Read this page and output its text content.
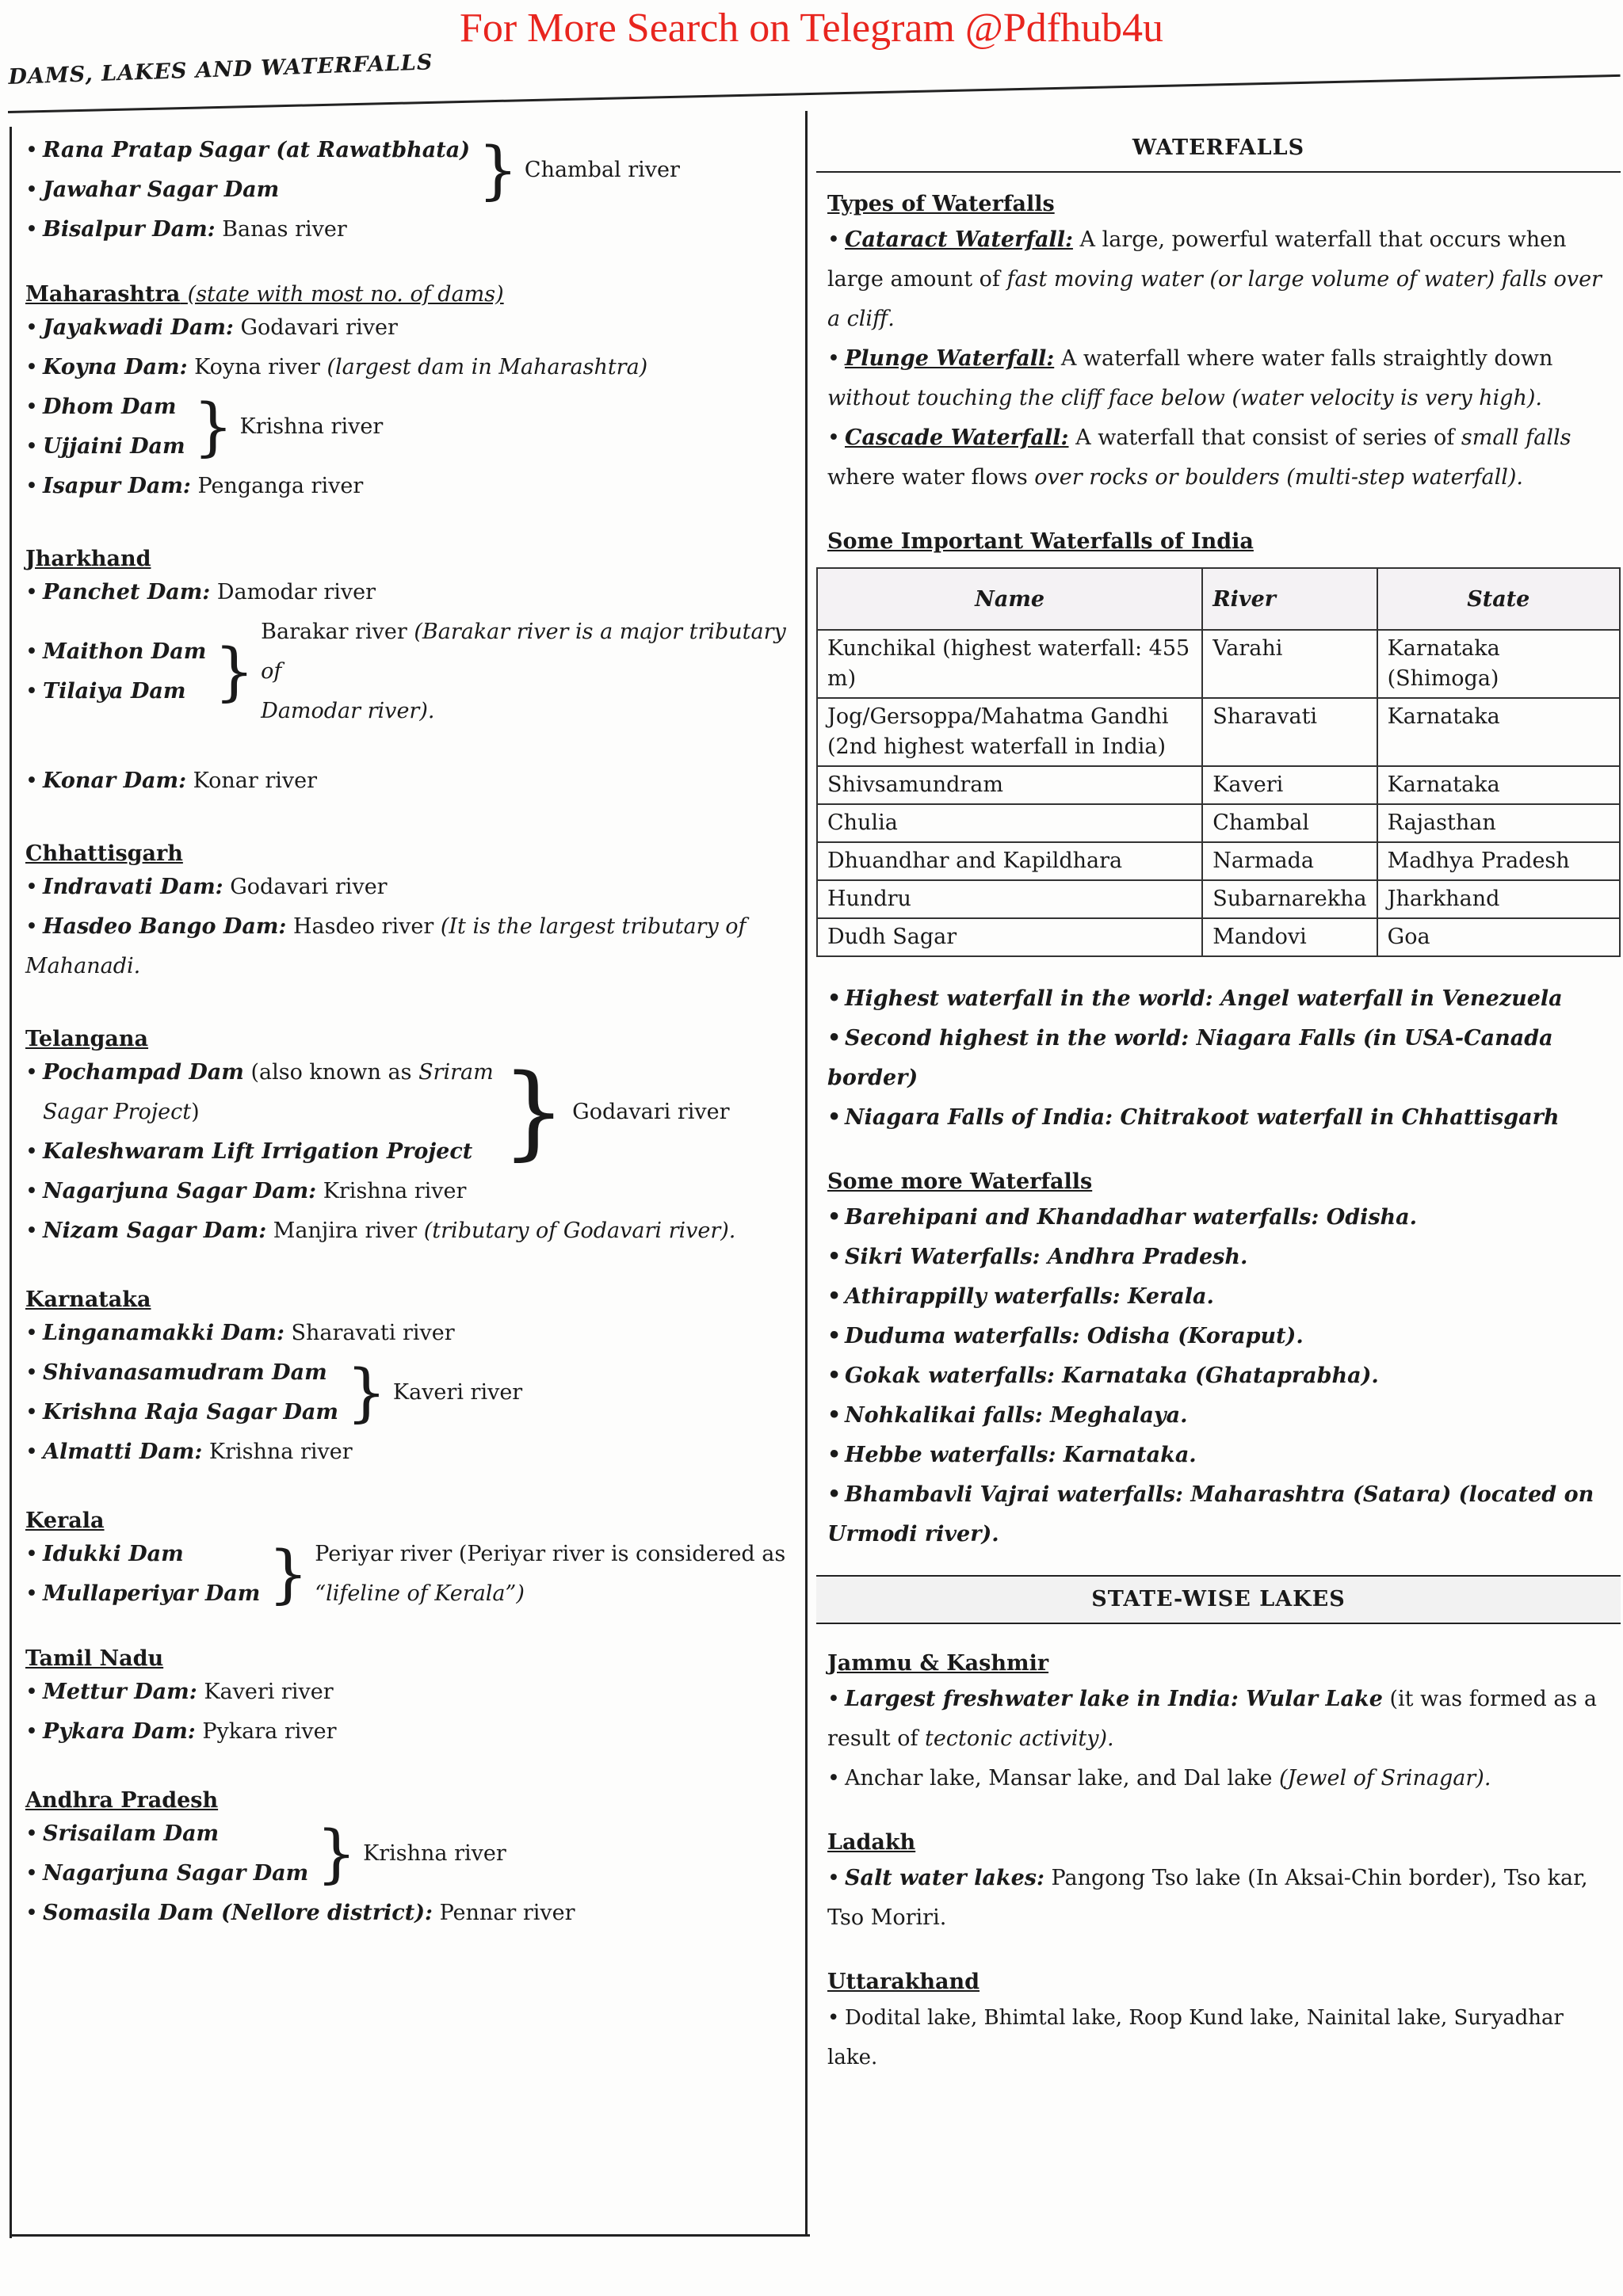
For More Search on Telegram @Pdfhub4u
DAMS, LAKES AND WATERFALLS
• Rana Pratap Sagar (at Rawatbhata)
• Jawahar Sagar Dam	} Chambal river
• Bisalpur Dam: Banas river

Maharashtra (state with most no. of dams)

• Jayakwadi Dam: Godavari river
• Koyna Dam: Koyna river (largest dam in Maharashtra)
• Dhom Dam
• Ujjaini Dam } Krishna river
• Isapur Dam: Penganga river

Jharkhand

• Panchet Dam: Damodar river
• Maithon Dam
• Tilaiya Dam }
Barakar river (Barakar river is a major tributary of
Damodar river).
• Konar Dam: Konar river

Chhattisgarh

• Indravati Dam: Godavari river
• Hasdeo Bango Dam: Hasdeo river (It is the largest tributary of
Mahanadi.

Telangana

• Pochampad Dam (also known as Sriram
Sagar Project)
• Kaleshwaram Lift Irrigation Project } Godavari river
• Nagarjuna Sagar Dam: Krishna river
• Nizam Sagar Dam: Manjira river (tributary of Godavari river).

Karnataka

• Linganamakki Dam: Sharavati river
• Shivanasamudram Dam
• Krishna Raja Sagar Dam } Kaveri river
• Almatti Dam: Krishna river

Kerala

• Idukki Dam
• Mullaperiyar Dam } Periyar river (Periyar river is considered as
“lifeline of Kerala”)

Tamil Nadu

• Mettur Dam: Kaveri river
• Pykara Dam: Pykara river

Andhra Pradesh

• Srisailam Dam
• Nagarjuna Sagar Dam } Krishna river
• Somasila Dam (Nellore district): Pennar river
WATERFALLS

Types of Waterfalls

• Cataract Waterfall: A large, powerful waterfall that occurs when large amount of fast moving water (or large volume of water) falls over a cliff.
• Plunge Waterfall: A waterfall where water falls straightly down without touching the cliff face below (water velocity is very high).
• Cascade Waterfall: A waterfall that consist of series of small falls where water flows over rocks or boulders (multi-step waterfall).

Some Important Waterfalls of India

Name	River	State
Kunchikal (highest waterfall: 455 m)	Varahi	Karnataka (Shimoga)
Jog/Gersoppa/Mahatma Gandhi (2nd highest waterfall in India)	Sharavati	Karnataka
Shivsamundram	Kaveri	Karnataka
Chulia	Chambal	Rajasthan
Dhuandhar and Kapildhara	Narmada	Madhya Pradesh
Hundru	Subarnarekha	Jharkhand
Dudh Sagar	Mandovi	Goa
• Highest waterfall in the world: Angel waterfall in Venezuela
• Second highest in the world: Niagara Falls (in USA-Canada border)
• Niagara Falls of India: Chitrakoot waterfall in Chhattisgarh

Some more Waterfalls

• Barehipani and Khandadhar waterfalls: Odisha.
• Sikri Waterfalls: Andhra Pradesh.
• Athirappilly waterfalls: Kerala.
• Duduma waterfalls: Odisha (Koraput).
• Gokak waterfalls: Karnataka (Ghataprabha).
• Nohkalikai falls: Meghalaya.
• Hebbe waterfalls: Karnataka.
• Bhambavli Vajrai waterfalls: Maharashtra (Satara) (located on Urmodi river).
STATE-WISE LAKES

Jammu & Kashmir

• Largest freshwater lake in India: Wular Lake (it was formed as a result of tectonic activity).
• Anchar lake, Mansar lake, and Dal lake (Jewel of Srinagar).

Ladakh

• Salt water lakes: Pangong Tso lake (In Aksai-Chin border), Tso kar, Tso Moriri.

Uttarakhand

• Dodital lake, Bhimtal lake, Roop Kund lake, Nainital lake, Suryadhar lake.
